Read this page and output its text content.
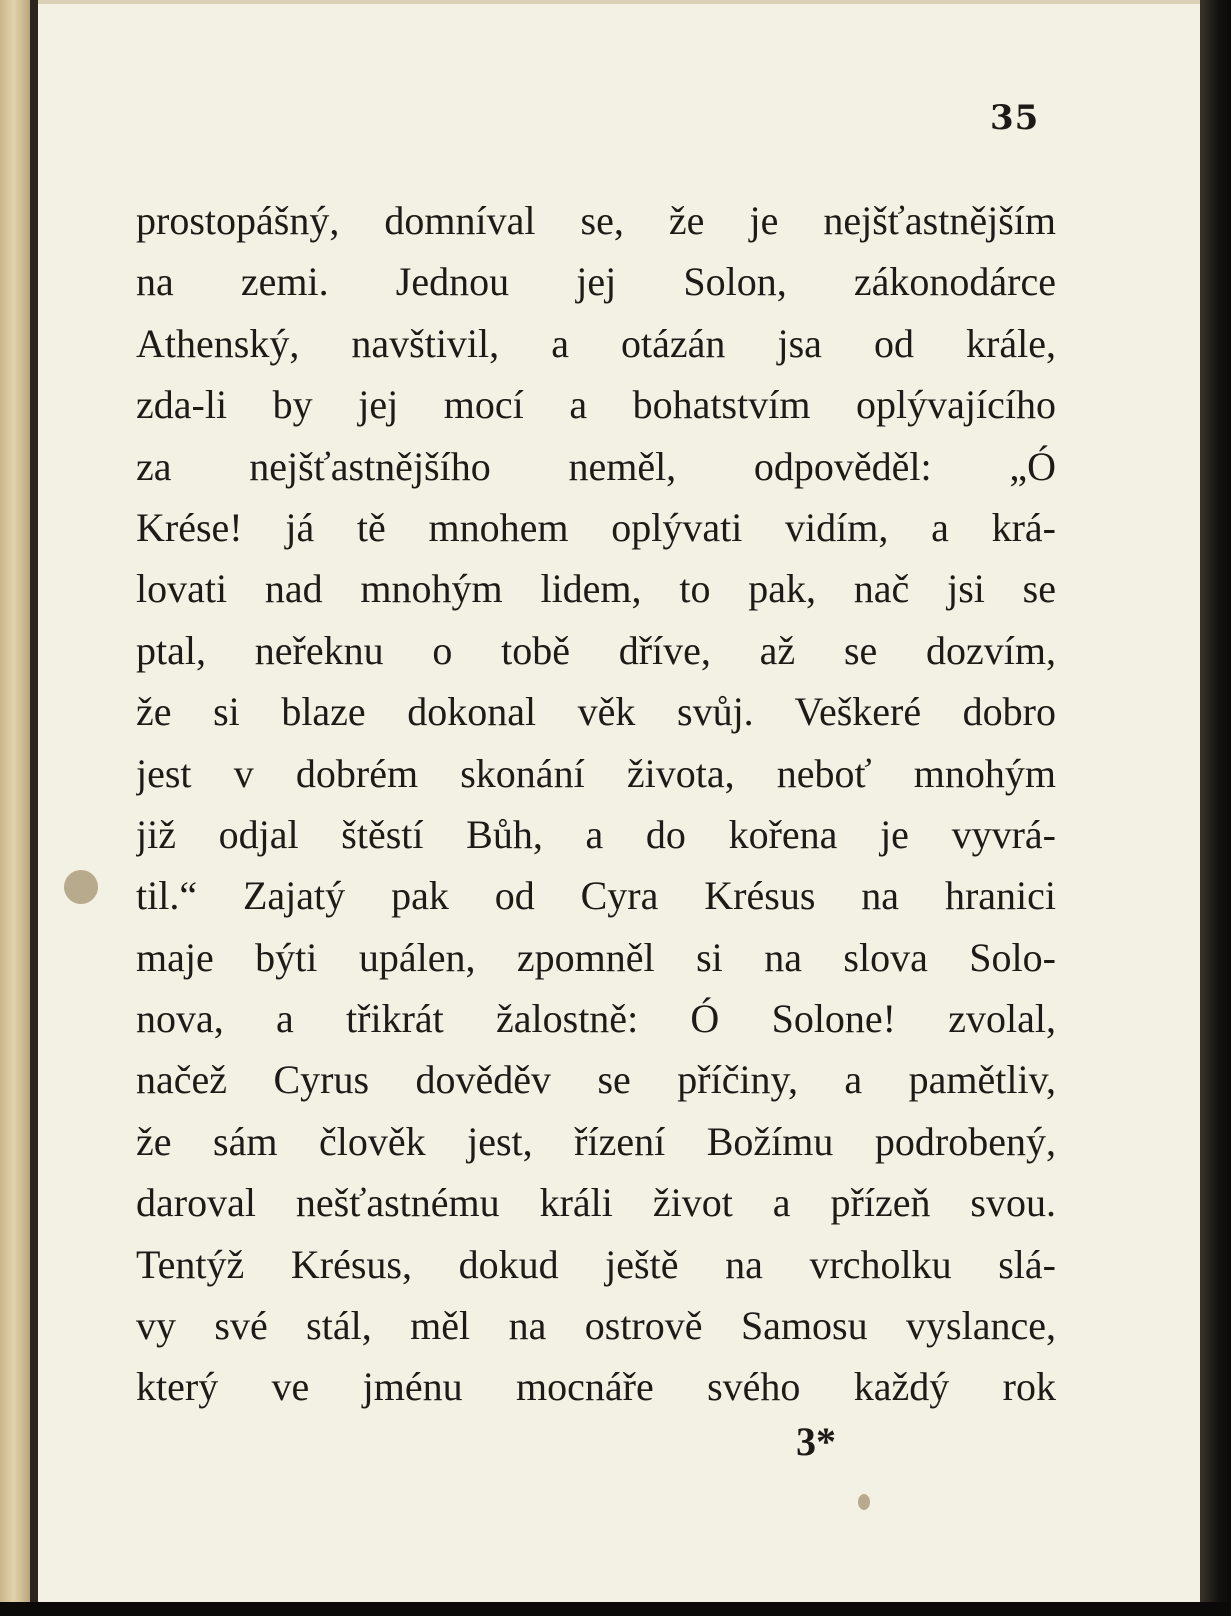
35
prostopášný, domníval se, že je nejšťastnějším
na zemi. Jednou jej Solon, zákonodárce
Athenský, navštivil, a otázán jsa od krále,
zda-li by jej mocí a bohatstvím oplývajícího
za nejšťastnějšího neměl, odpověděl: „Ó
Krése! já tě mnohem oplývati vidím, a krá-
lovati nad mnohým lidem, to pak, nač jsi se
ptal, neřeknu o tobě dříve, až se dozvím,
že si blaze dokonal věk svůj. Veškeré dobro
jest v dobrém skonání života, neboť mnohým
již odjal štěstí Bůh, a do kořena je vyvrá-
til.“ Zajatý pak od Cyra Krésus na hranici
maje býti upálen, zpomněl si na slova Solo-
nova, a třikrát žalostně: Ó Solone! zvolal,
načež Cyrus dověděv se příčiny, a pamětliv,
že sám člověk jest, řízení Božímu podrobený,
daroval nešťastnému králi život a přízeň svou.
Tentýž Krésus, dokud ještě na vrcholku slá-
vy své stál, měl na ostrově Samosu vyslance,
který ve jménu mocnáře svého každý rok
3*
